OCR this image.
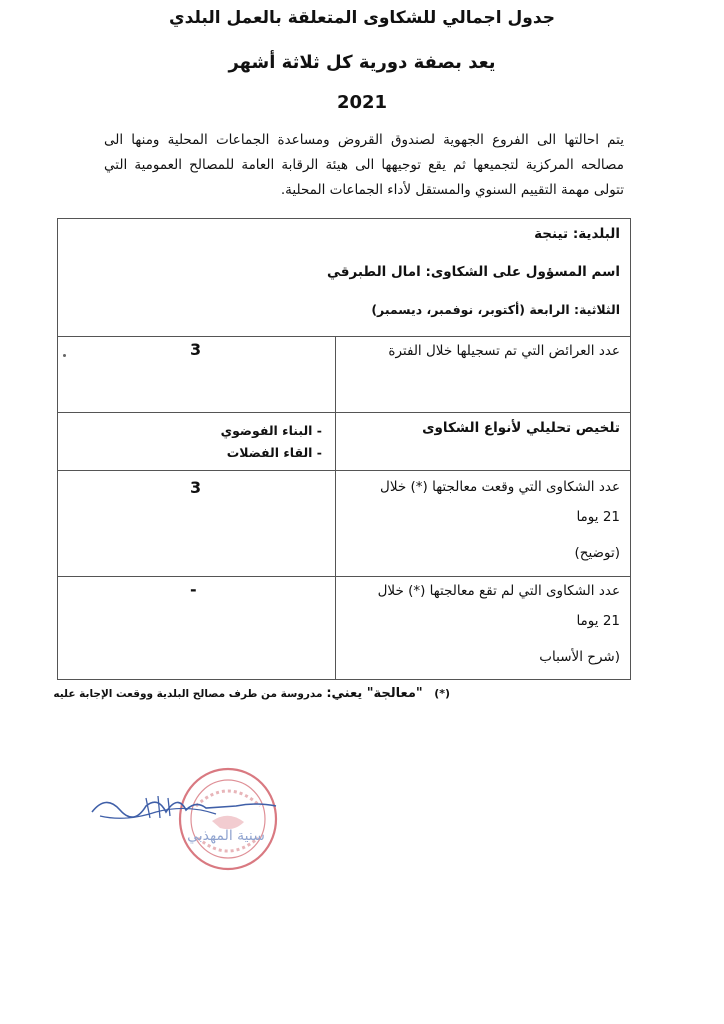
جدول اجمالي للشكاوى المتعلقة بالعمل البلدي
يعد بصفة دورية كل ثلاثة أشهر
2021
يتم احالتها الى الفروع الجهوية لصندوق القروض ومساعدة الجماعات المحلية ومنها الى مصالحه المركزية لتجميعها ثم يقع توجيهها الى هيئة الرقابة العامة للمصالح العمومية التي تتولى مهمة التقييم السنوي والمستقل لأداء الجماعات المحلية.
البلدية: تينجة
اسم المسؤول على الشكاوى: امال الطبرقي
الثلاثية: الرابعة (أكتوبر، نوفمبر، ديسمبر)
عدد العرائض التي تم تسجيلها خلال الفترة
3
تلخيص تحليلي لأنواع الشكاوى
- البناء الفوضوي
- القاء الفضلات
عدد الشكاوى التي وقعت معالجتها (*) خلال
21 يوما
(توضيح)
3
عدد الشكاوى التي لم تقع معالجتها (*) خلال
21 يوما
(شرح الأسباب
-
(*)   "معالجة" يعني: مدروسة من طرف مصالح البلدية ووقعت الإجابة عليه
سنية المهذبي
